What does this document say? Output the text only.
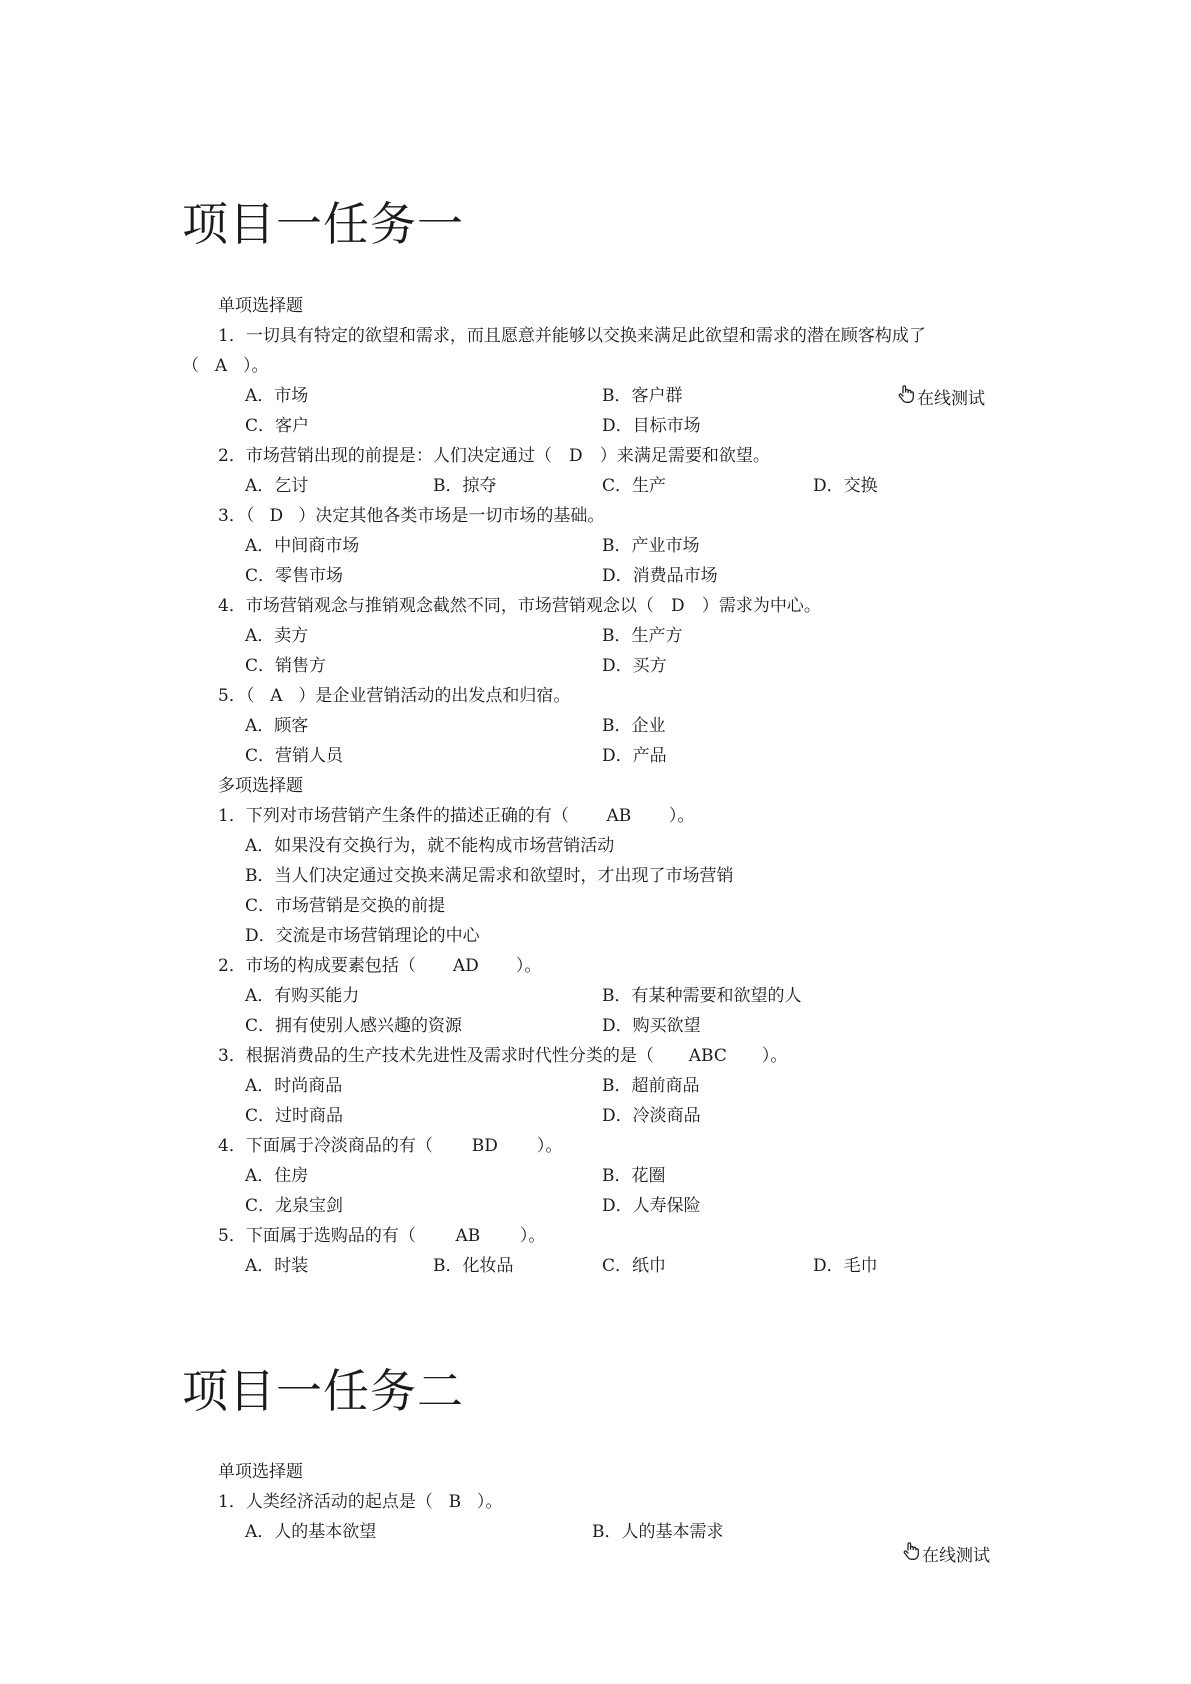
项目一任务一
单项选择题
1．一切具有特定的欲望和需求，而且愿意并能够以交换来满足此欲望和需求的潜在顾客构成了
（ A ）。
A．市场	B．客户群	在线测试
C．客户	D．目标市场
2．市场营销出现的前提是：人们决定通过（ D ）来满足需要和欲望。
A．乞讨	B．掠夺	C．生产	D．交换
3．（ D ）决定其他各类市场是一切市场的基础。
A．中间商市场	B．产业市场
C．零售市场	D．消费品市场
4．市场营销观念与推销观念截然不同，市场营销观念以（ D ）需求为中心。
A．卖方	B．生产方
C．销售方	D．买方
5．（ A ）是企业营销活动的出发点和归宿。
A．顾客	B．企业
C．营销人员	D．产品
多项选择题
1．下列对市场营销产生条件的描述正确的有（ AB ）。
A．如果没有交换行为，就不能构成市场营销活动
B．当人们决定通过交换来满足需求和欲望时，才出现了市场营销
C．市场营销是交换的前提
D．交流是市场营销理论的中心
2．市场的构成要素包括（ AD ）。
A．有购买能力	B．有某种需要和欲望的人
C．拥有使别人感兴趣的资源	D．购买欲望
3．根据消费品的生产技术先进性及需求时代性分类的是（ ABC ）。
A．时尚商品	B．超前商品
C．过时商品	D．冷淡商品
4．下面属于冷淡商品的有（ BD ）。
A．住房	B．花圈
C．龙泉宝剑	D．人寿保险
5．下面属于选购品的有（ AB ）。
A．时装	B．化妆品	C．纸巾	D．毛巾
项目一任务二
单项选择题
1．人类经济活动的起点是（ B ）。
A．人的基本欲望	B．人的基本需求
在线测试
